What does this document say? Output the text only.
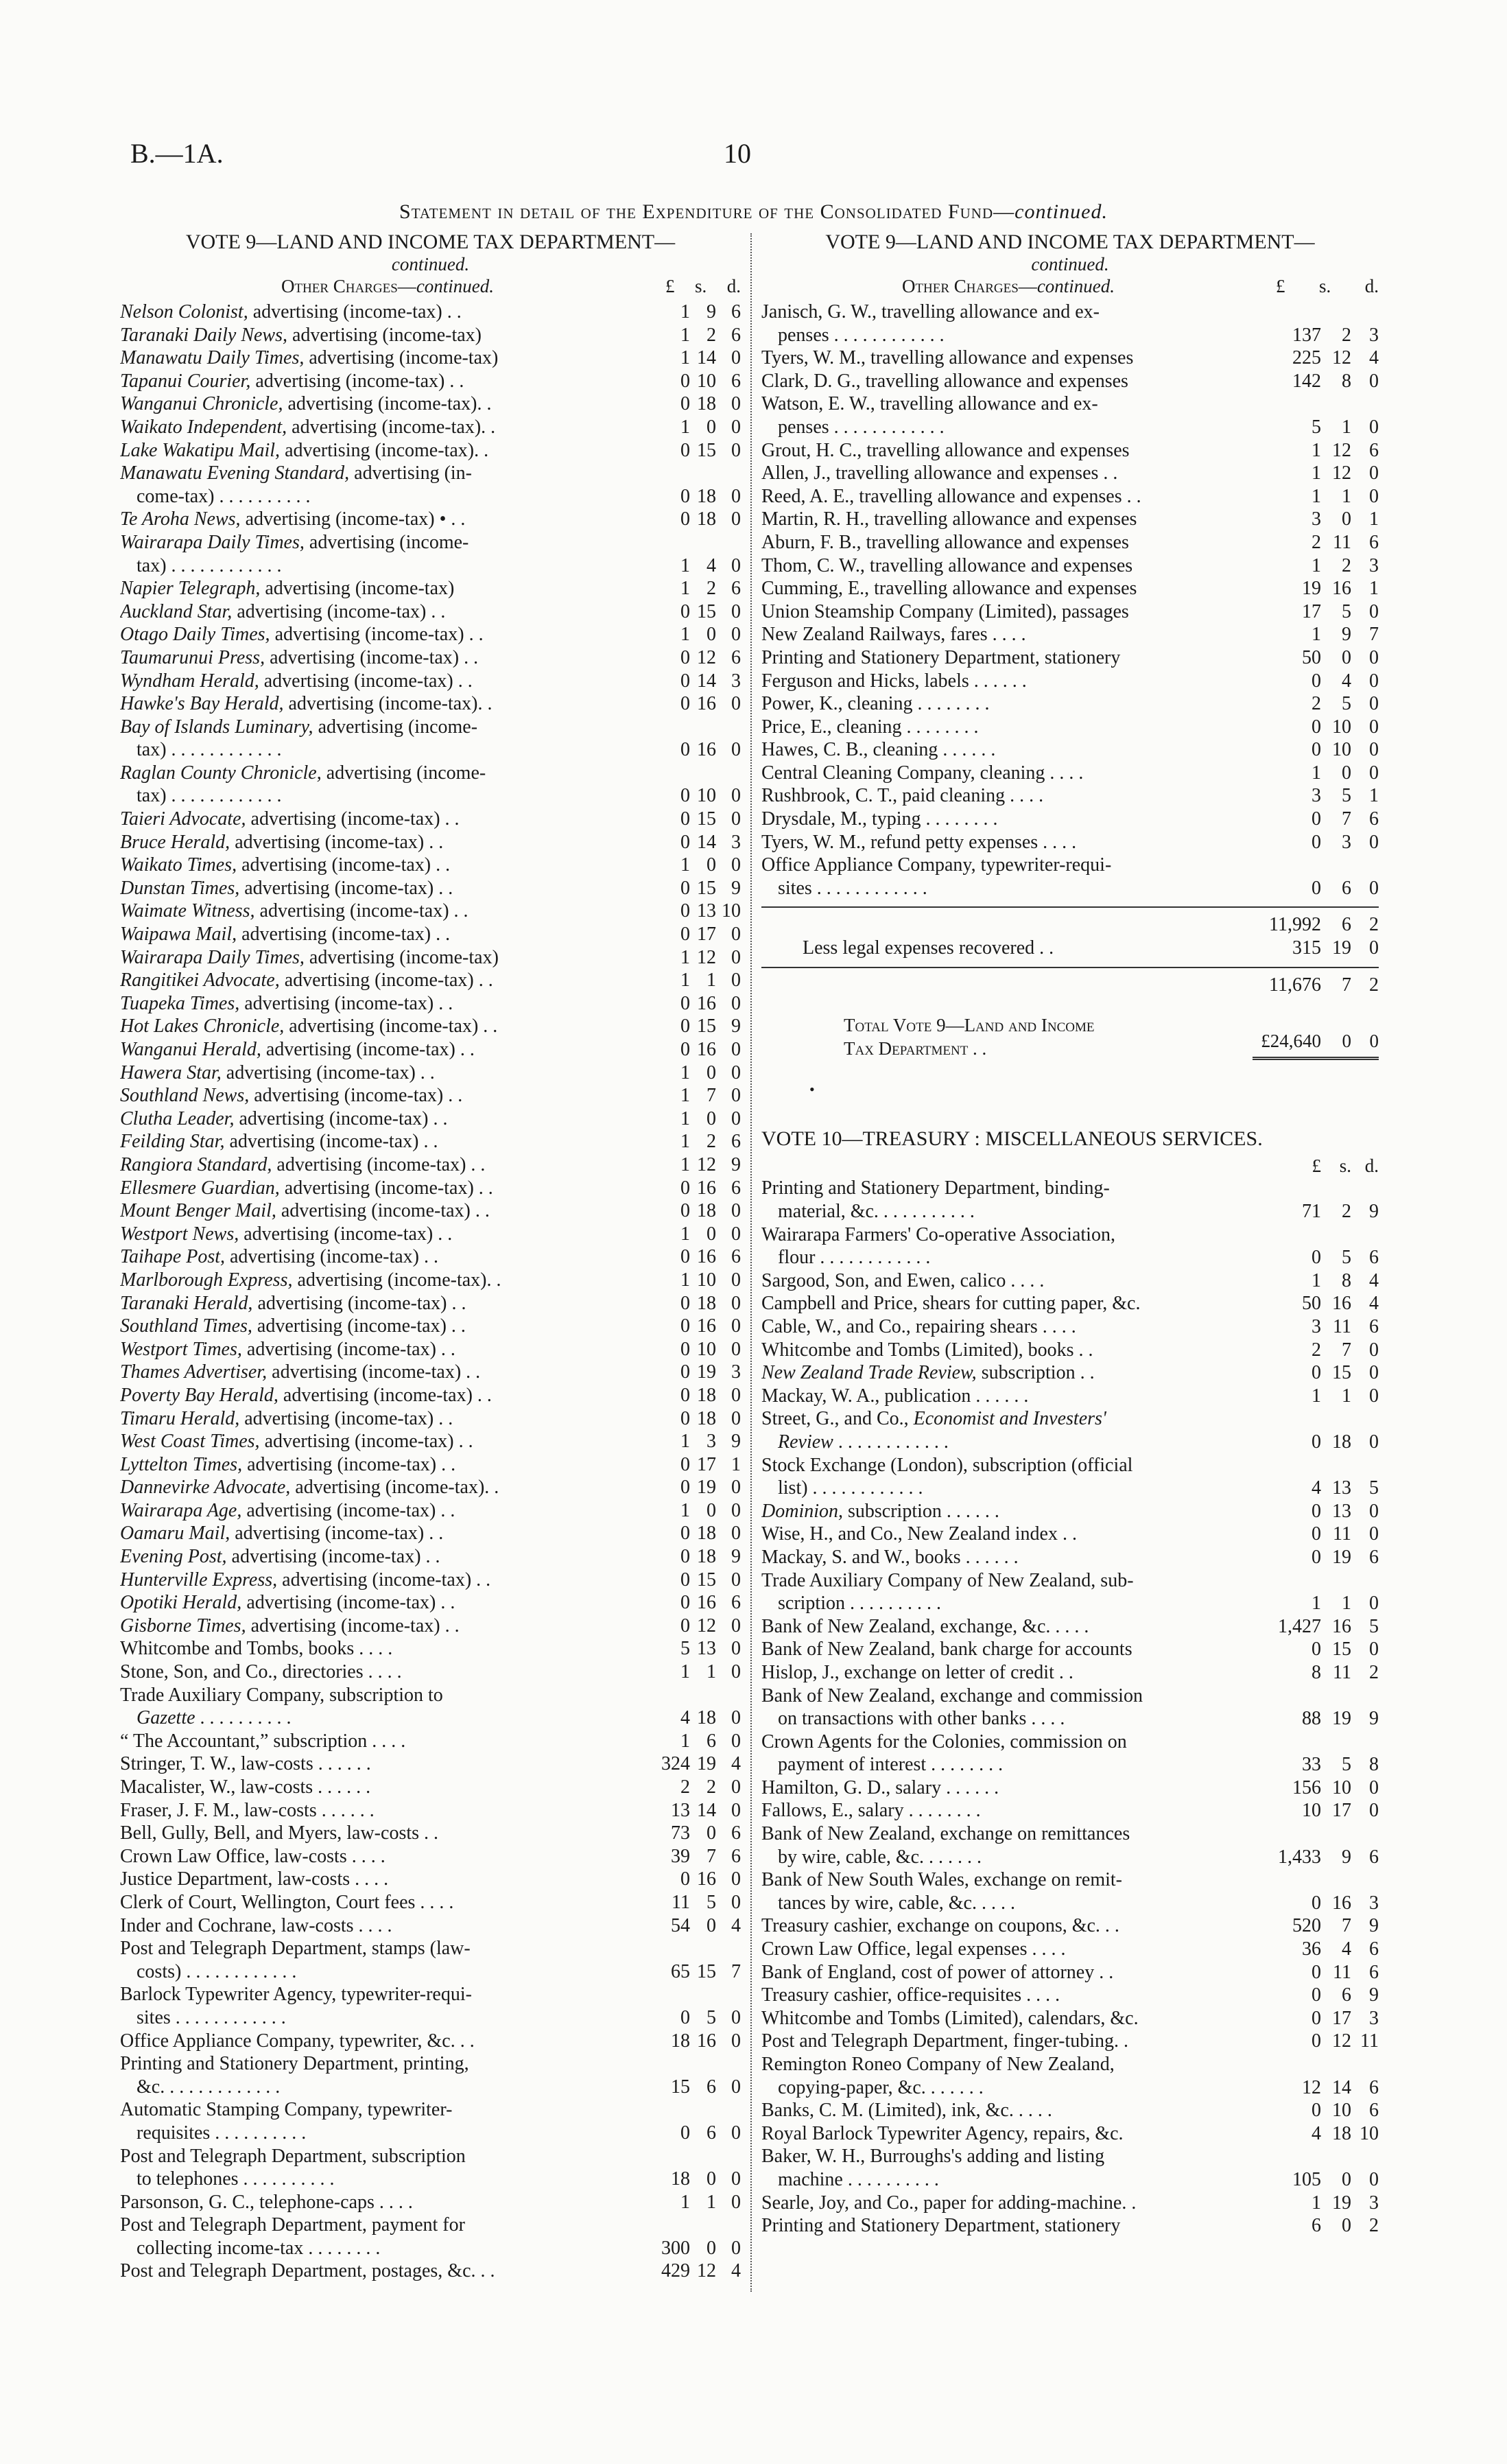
B.—1A.	10
Statement in detail of the Expenditure of the Consolidated Fund—continued.
VOTE 9—LAND AND INCOME TAX DEPARTMENT—
continued.
Other Charges—continued.	£ s. d.
Nelson Colonist, advertising (income-tax) . .	1 9 6
Taranaki Daily News, advertising (income-tax)	1 2 6
Manawatu Daily Times, advertising (income-tax)	1 14 0
Tapanui Courier, advertising (income-tax) . .	0 10 6
Wanganui Chronicle, advertising (income-tax). .	0 18 0
Waikato Independent, advertising (income-tax). .	1 0 0
Lake Wakatipu Mail, advertising (income-tax). .	0 15 0
Manawatu Evening Standard, advertising (in-
come-tax) . . . . . . . . . .	0 18 0
Te Aroha News, advertising (income-tax) • . .	0 18 0
Wairarapa Daily Times, advertising (income-
tax) . . . . . . . . . . . .	1 4 0
Napier Telegraph, advertising (income-tax)	1 2 6
Auckland Star, advertising (income-tax) . .	0 15 0
Otago Daily Times, advertising (income-tax) . .	1 0 0
Taumarunui Press, advertising (income-tax) . .	0 12 6
Wyndham Herald, advertising (income-tax) . .	0 14 3
Hawke's Bay Herald, advertising (income-tax). .	0 16 0
Bay of Islands Luminary, advertising (income-
tax) . . . . . . . . . . . .	0 16 0
Raglan County Chronicle, advertising (income-
tax) . . . . . . . . . . . .	0 10 0
Taieri Advocate, advertising (income-tax) . .	0 15 0
Bruce Herald, advertising (income-tax) . .	0 14 3
Waikato Times, advertising (income-tax) . .	1 0 0
Dunstan Times, advertising (income-tax) . .	0 15 9
Waimate Witness, advertising (income-tax) . .	0 13 10
Waipawa Mail, advertising (income-tax) . .	0 17 0
Wairarapa Daily Times, advertising (income-tax)	1 12 0
Rangitikei Advocate, advertising (income-tax) . .	1 1 0
Tuapeka Times, advertising (income-tax) . .	0 16 0
Hot Lakes Chronicle, advertising (income-tax) . .	0 15 9
Wanganui Herald, advertising (income-tax) . .	0 16 0
Hawera Star, advertising (income-tax) . .	1 0 0
Southland News, advertising (income-tax) . .	1 7 0
Clutha Leader, advertising (income-tax) . .	1 0 0
Feilding Star, advertising (income-tax) . .	1 2 6
Rangiora Standard, advertising (income-tax) . .	1 12 9
Ellesmere Guardian, advertising (income-tax) . .	0 16 6
Mount Benger Mail, advertising (income-tax) . .	0 18 0
Westport News, advertising (income-tax) . .	1 0 0
Taihape Post, advertising (income-tax) . .	0 16 6
Marlborough Express, advertising (income-tax). .	1 10 0
Taranaki Herald, advertising (income-tax) . .	0 18 0
Southland Times, advertising (income-tax) . .	0 16 0
Westport Times, advertising (income-tax) . .	0 10 0
Thames Advertiser, advertising (income-tax) . .	0 19 3
Poverty Bay Herald, advertising (income-tax) . .	0 18 0
Timaru Herald, advertising (income-tax) . .	0 18 0
West Coast Times, advertising (income-tax) . .	1 3 9
Lyttelton Times, advertising (income-tax) . .	0 17 1
Dannevirke Advocate, advertising (income-tax). .	0 19 0
Wairarapa Age, advertising (income-tax) . .	1 0 0
Oamaru Mail, advertising (income-tax) . .	0 18 0
Evening Post, advertising (income-tax) . .	0 18 9
Hunterville Express, advertising (income-tax) . .	0 15 0
Opotiki Herald, advertising (income-tax) . .	0 16 6
Gisborne Times, advertising (income-tax) . .	0 12 0
Whitcombe and Tombs, books . . . .	5 13 0
Stone, Son, and Co., directories . . . .	1 1 0
Trade Auxiliary Company, subscription to
Gazette . . . . . . . . . .	4 18 0
“ The Accountant,” subscription . . . .	1 6 0
Stringer, T. W., law-costs . . . . . .	324 19 4
Macalister, W., law-costs . . . . . .	2 2 0
Fraser, J. F. M., law-costs . . . . . .	13 14 0
Bell, Gully, Bell, and Myers, law-costs . .	73 0 6
Crown Law Office, law-costs . . . .	39 7 6
Justice Department, law-costs . . . .	0 16 0
Clerk of Court, Wellington, Court fees . . . .	11 5 0
Inder and Cochrane, law-costs . . . .	54 0 4
Post and Telegraph Department, stamps (law-
costs) . . . . . . . . . . . .	65 15 7
Barlock Typewriter Agency, typewriter-requi-
sites . . . . . . . . . . . .	0 5 0
Office Appliance Company, typewriter, &c. . .	18 16 0
Printing and Stationery Department, printing,
&c. . . . . . . . . . . . .	15 6 0
Automatic Stamping Company, typewriter-
requisites . . . . . . . . . .	0 6 0
Post and Telegraph Department, subscription
to telephones . . . . . . . . . .	18 0 0
Parsonson, G. C., telephone-caps . . . .	1 1 0
Post and Telegraph Department, payment for
collecting income-tax . . . . . . . .	300 0 0
Post and Telegraph Department, postages, &c. . .	429 12 4
VOTE 9—LAND AND INCOME TAX DEPARTMENT—
continued.
Other Charges—continued.	£ s. d.
Janisch, G. W., travelling allowance and ex-
penses . . . . . . . . . . . .	137	2 3
Tyers, W. M., travelling allowance and expenses	225 12 4
Clark, D. G., travelling allowance and expenses	142	8 0
Watson, E. W., travelling allowance and ex-
penses . . . . . . . . . . . .	5	1 0
Grout, H. C., travelling allowance and expenses	1 12 6
Allen, J., travelling allowance and expenses . .	1 12 0
Reed, A. E., travelling allowance and expenses . .	1	1 0
Martin, R. H., travelling allowance and expenses	3	0 1
Aburn, F. B., travelling allowance and expenses	2 11 6
Thom, C. W., travelling allowance and expenses	1	2 3
Cumming, E., travelling allowance and expenses	19 16 1
Union Steamship Company (Limited), passages	17	5 0
New Zealand Railways, fares . . . .	1	9 7
Printing and Stationery Department, stationery	50	0 0
Ferguson and Hicks, labels . . . . . .	0	4 0
Power, K., cleaning . . . . . . . .	2	5 0
Price, E., cleaning . . . . . . . .	0 10 0
Hawes, C. B., cleaning . . . . . .	0 10 0
Central Cleaning Company, cleaning . . . .	1	0 0
Rushbrook, C. T., paid cleaning . . . .	3	5 1
Drysdale, M., typing . . . . . . . .	0	7 6
Tyers, W. M., refund petty expenses . . . .	0	3 0
Office Appliance Company, typewriter-requi-
sites . . . . . . . . . . . .	0	6 0
11,992	6 2
Less legal expenses recovered . .	315 19 0
11,676	7 2
Total Vote 9—Land and Income
Tax Department . .	£24,640	0 0
•
VOTE 10—TREASURY : MISCELLANEOUS SERVICES.
£ s. d.
Printing and Stationery Department, binding-
material, &c. . . . . . . . . . .	71	2 9
Wairarapa Farmers' Co-operative Association,
flour . . . . . . . . . . . .	0	5 6
Sargood, Son, and Ewen, calico . . . .	1	8 4
Campbell and Price, shears for cutting paper, &c.	50 16 4
Cable, W., and Co., repairing shears . . . .	3 11 6
Whitcombe and Tombs (Limited), books . .	2	7 0
New Zealand Trade Review, subscription . .	0 15 0
Mackay, W. A., publication . . . . . .	1	1 0
Street, G., and Co., Economist and Investers'
Review . . . . . . . . . . . .	0 18 0
Stock Exchange (London), subscription (official
list) . . . . . . . . . . . .	4 13 5
Dominion, subscription . . . . . .	0 13 0
Wise, H., and Co., New Zealand index . .	0 11 0
Mackay, S. and W., books . . . . . .	0 19 6
Trade Auxiliary Company of New Zealand, sub-
scription . . . . . . . . . .	1	1 0
Bank of New Zealand, exchange, &c. . . . .	1,427 16 5
Bank of New Zealand, bank charge for accounts	0 15 0
Hislop, J., exchange on letter of credit . .	8 11 2
Bank of New Zealand, exchange and commission
on transactions with other banks . . . .	88 19 9
Crown Agents for the Colonies, commission on
payment of interest . . . . . . . .	33	5 8
Hamilton, G. D., salary . . . . . .	156 10 0
Fallows, E., salary . . . . . . . .	10 17 0
Bank of New Zealand, exchange on remittances
by wire, cable, &c. . . . . . .	1,433	9 6
Bank of New South Wales, exchange on remit-
tances by wire, cable, &c. . . . .	0 16 3
Treasury cashier, exchange on coupons, &c. . .	520	7 9
Crown Law Office, legal expenses . . . .	36	4 6
Bank of England, cost of power of attorney . .	0 11 6
Treasury cashier, office-requisites . . . .	0	6 9
Whitcombe and Tombs (Limited), calendars, &c.	0 17 3
Post and Telegraph Department, finger-tubing. .	0 12 11
Remington Roneo Company of New Zealand,
copying-paper, &c. . . . . . .	12 14 6
Banks, C. M. (Limited), ink, &c. . . . .	0 10 6
Royal Barlock Typewriter Agency, repairs, &c.	4 18 10
Baker, W. H., Burroughs's adding and listing
machine . . . . . . . . . .	105	0 0
Searle, Joy, and Co., paper for adding-machine. .	1 19 3
Printing and Stationery Department, stationery	6	0 2
